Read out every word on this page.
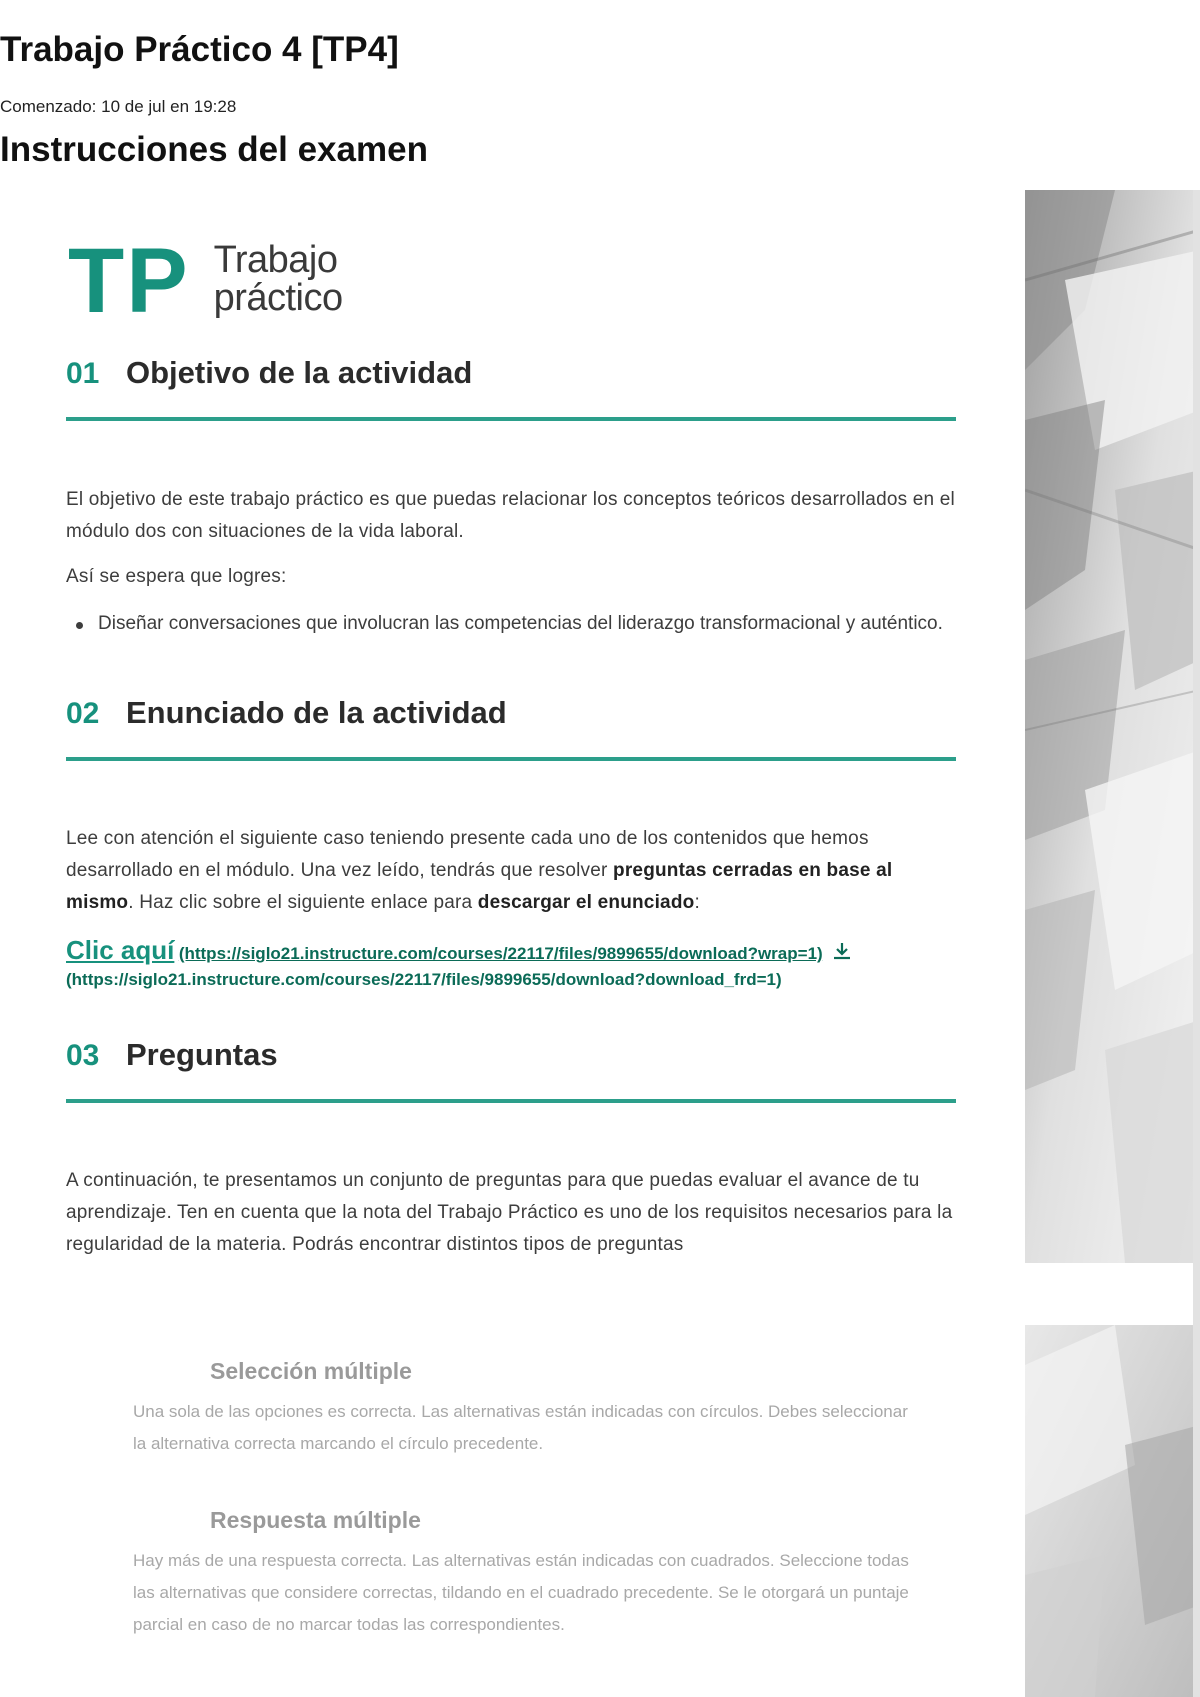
Trabajo Práctico 4 [TP4]
Comenzado: 10 de jul en 19:28
Instrucciones del examen
TP Trabajo
práctico
01 Objetivo de la actividad

El objetivo de este trabajo práctico es que puedas relacionar los conceptos teóricos desarrollados en el módulo dos con situaciones de la vida laboral.

Así se espera que logres:

Diseñar conversaciones que involucran las competencias del liderazgo transformacional y auténtico.
02 Enunciado de la actividad

Lee con atención el siguiente caso teniendo presente cada uno de los contenidos que hemos desarrollado en el módulo. Una vez leído, tendrás que resolver preguntas cerradas en base al mismo. Haz clic sobre el siguiente enlace para descargar el enunciado:

Clic aquí (https://siglo21.instructure.com/courses/22117/files/9899655/download?wrap=1)
(https://siglo21.instructure.com/courses/22117/files/9899655/download?download_frd=1)
03 Preguntas

A continuación, te presentamos un conjunto de preguntas para que puedas evaluar el avance de tu aprendizaje. Ten en cuenta que la nota del Trabajo Práctico es uno de los requisitos necesarios para la regularidad de la materia. Podrás encontrar distintos tipos de preguntas

Selección múltiple

Una sola de las opciones es correcta. Las alternativas están indicadas con círculos. Debes seleccionar la alternativa correcta marcando el círculo precedente.

Respuesta múltiple

Hay más de una respuesta correcta. Las alternativas están indicadas con cuadrados. Seleccione todas las alternativas que considere correctas, tildando en el cuadrado precedente. Se le otorgará un puntaje parcial en caso de no marcar todas las correspondientes.
